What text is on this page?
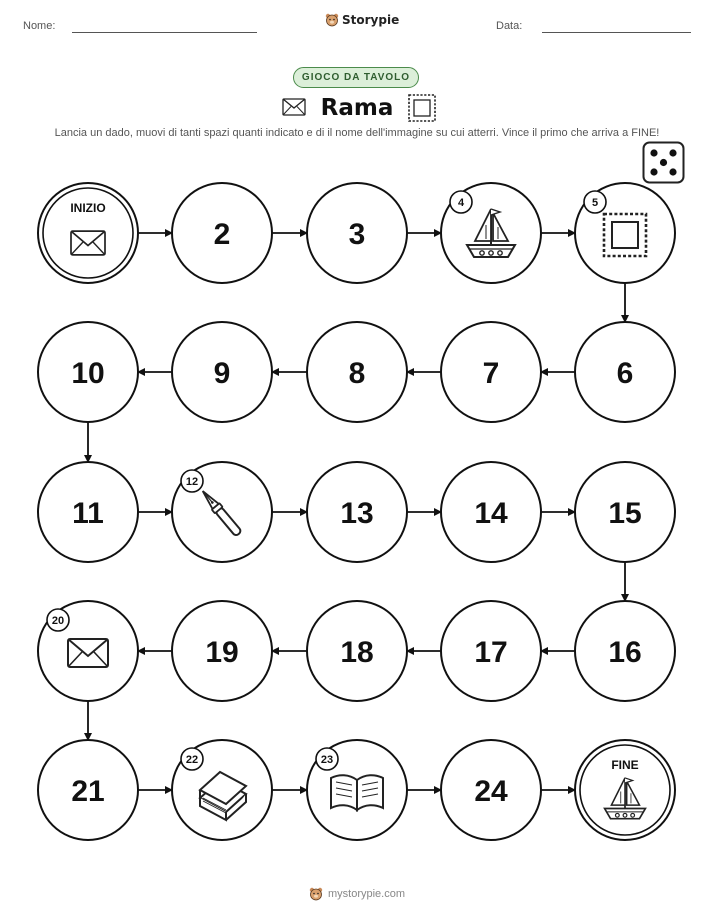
Nome:	Storypie	Data:
GIOCO DA TAVOLO
Rama
Lancia un dado, muovi di tanti spazi quanti indicato e di il nome dell'immagine su cui atterri. Vince il primo che arriva a FINE!
INIZIO
2	3
4	5
6
7
8
9
10
11
12
13	14	15
16
17
18
19
20
21
22	23
24
FINE
mystorypie.com
